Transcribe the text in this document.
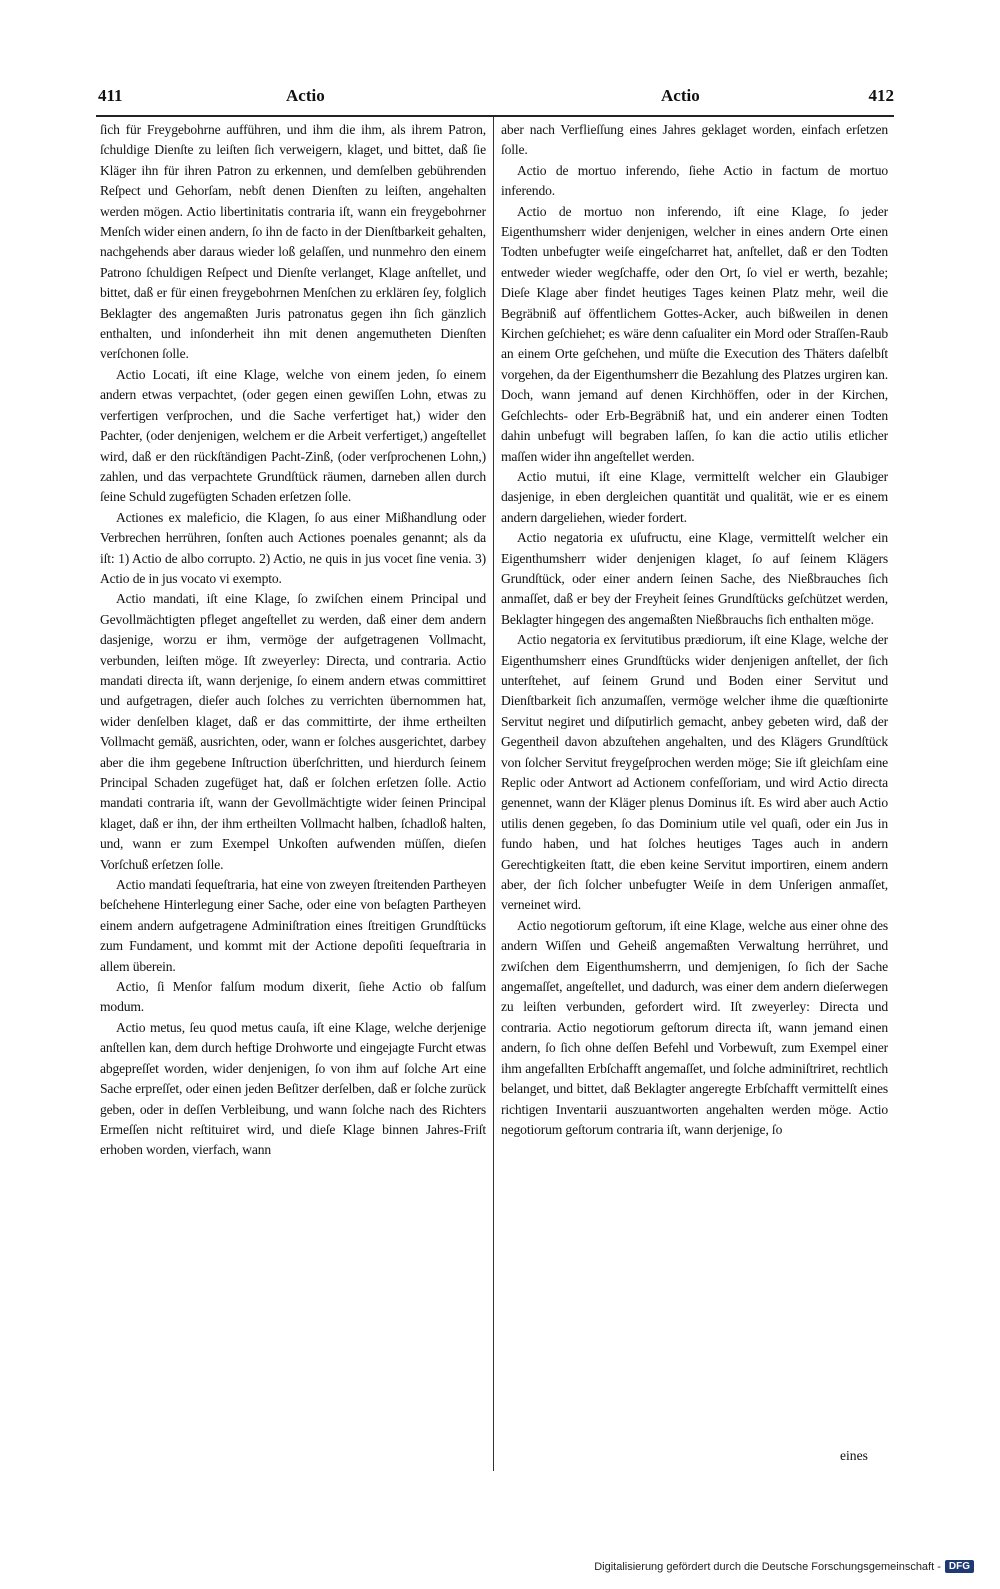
411	Actio	Actio	412

ſich für Freygebohrne aufführen, und ihm die ihm, als ihrem Patron, ſchuldige Dienſte zu leiſten ſich verweigern, klaget, und bittet, daß ſie Kläger ihn für ihren Patron zu erkennen, und demſelben gebührenden Reſpect und Gehorſam, nebſt denen Dienſten zu leiſten, angehalten werden mögen. Actio libertinitatis contraria iſt, wann ein freygebohrner Menſch wider einen andern, ſo ihn de facto in der Dienſtbarkeit gehalten, nachgehends aber daraus wieder loß gelaſſen, und nunmehro den einem Patrono ſchuldigen Reſpect und Dienſte verlanget, Klage anſtellet, und bittet, daß er für einen freygebohrnen Menſchen zu erklären ſey, folglich Beklagter des angemaßten Juris patronatus gegen ihn ſich gänzlich enthalten, und inſonderheit ihn mit denen angemutheten Dienſten verſchonen ſolle.

Actio Locati, iſt eine Klage, welche von einem jeden, ſo einem andern etwas verpachtet, (oder gegen einen gewiſſen Lohn, etwas zu verfertigen verſprochen, und die Sache verfertiget hat,) wider den Pachter, (oder denjenigen, welchem er die Arbeit verfertiget,) angeſtellet wird, daß er den rückſtändigen Pacht-Zinß, (oder verſprochenen Lohn,) zahlen, und das verpachtete Grundſtück räumen, darneben allen durch ſeine Schuld zugefügten Schaden erſetzen ſolle.

Actiones ex maleficio, die Klagen, ſo aus einer Mißhandlung oder Verbrechen herrühren, ſonſten auch Actiones poenales genannt; als da iſt: 1) Actio de albo corrupto. 2) Actio, ne quis in jus vocet ſine venia. 3) Actio de in jus vocato vi exempto.

Actio mandati, iſt eine Klage, ſo zwiſchen einem Principal und Gevollmächtigten pfleget angeſtellet zu werden, daß einer dem andern dasjenige, worzu er ihm, vermöge der aufgetragenen Vollmacht, verbunden, leiſten möge. Iſt zweyerley: Directa, und contraria. Actio mandati directa iſt, wann derjenige, ſo einem andern etwas committiret und aufgetragen, dieſer auch ſolches zu verrichten übernommen hat, wider denſelben klaget, daß er das committirte, der ihme ertheilten Vollmacht gemäß, ausrichten, oder, wann er ſolches ausgerichtet, darbey aber die ihm gegebene Inſtruction überſchritten, und hierdurch ſeinem Principal Schaden zugefüget hat, daß er ſolchen erſetzen ſolle. Actio mandati contraria iſt, wann der Gevollmächtigte wider ſeinen Principal klaget, daß er ihn, der ihm ertheilten Vollmacht halben, ſchadloß halten, und, wann er zum Exempel Unkoſten aufwenden müſſen, dieſen Vorſchuß erſetzen ſolle.

Actio mandati ſequeſtraria, hat eine von zweyen ſtreitenden Partheyen beſchehene Hinterlegung einer Sache, oder eine von beſagten Partheyen einem andern aufgetragene Adminiſtration eines ſtreitigen Grundſtücks zum Fundament, und kommt mit der Actione depoſiti ſequeſtraria in allem überein.

Actio, ſi Menſor falſum modum dixerit, ſiehe Actio ob falſum modum.

Actio metus, ſeu quod metus cauſa, iſt eine Klage, welche derjenige anſtellen kan, dem durch heftige Drohworte und eingejagte Furcht etwas abgepreſſet worden, wider denjenigen, ſo von ihm auf ſolche Art eine Sache erpreſſet, oder einen jeden Beſitzer derſelben, daß er ſolche zurück geben, oder in deſſen Verbleibung, und wann ſolche nach des Richters Ermeſſen nicht reſtituiret wird, und dieſe Klage binnen Jahres-Friſt erhoben worden, vierfach, wann

aber nach Verflieſſung eines Jahres geklaget worden, einfach erſetzen ſolle.

Actio de mortuo inferendo, ſiehe Actio in factum de mortuo inferendo.

Actio de mortuo non inferendo, iſt eine Klage, ſo jeder Eigenthumsherr wider denjenigen, welcher in eines andern Orte einen Todten unbefugter weiſe eingeſcharret hat, anſtellet, daß er den Todten entweder wieder wegſchaffe, oder den Ort, ſo viel er werth, bezahle; Dieſe Klage aber findet heutiges Tages keinen Platz mehr, weil die Begräbniß auf öffentlichem Gottes-Acker, auch bißweilen in denen Kirchen geſchiehet; es wäre denn caſualiter ein Mord oder Straſſen-Raub an einem Orte geſchehen, und müſte die Execution des Thäters daſelbſt vorgehen, da der Eigenthumsherr die Bezahlung des Platzes urgiren kan. Doch, wann jemand auf denen Kirchhöffen, oder in der Kirchen, Geſchlechts- oder Erb-Begräbniß hat, und ein anderer einen Todten dahin unbefugt will begraben laſſen, ſo kan die actio utilis etlicher maſſen wider ihn angeſtellet werden.

Actio mutui, iſt eine Klage, vermittelſt welcher ein Glaubiger dasjenige, in eben dergleichen quantität und qualität, wie er es einem andern dargeliehen, wieder fordert.

Actio negatoria ex uſufructu, eine Klage, vermittelſt welcher ein Eigenthumsherr wider denjenigen klaget, ſo auf ſeinem Klägers Grundſtück, oder einer andern ſeinen Sache, des Nießbrauches ſich anmaſſet, daß er bey der Freyheit ſeines Grundſtücks geſchützet werden, Beklagter hingegen des angemaßten Nießbrauchs ſich enthalten möge.

Actio negatoria ex ſervitutibus prædiorum, iſt eine Klage, welche der Eigenthumsherr eines Grundſtücks wider denjenigen anſtellet, der ſich unterſtehet, auf ſeinem Grund und Boden einer Servitut und Dienſtbarkeit ſich anzumaſſen, vermöge welcher ihme die quæſtionirte Servitut negiret und diſputirlich gemacht, anbey gebeten wird, daß der Gegentheil davon abzuſtehen angehalten, und des Klägers Grundſtück von ſolcher Servitut freygeſprochen werden möge; Sie iſt gleichſam eine Replic oder Antwort ad Actionem confeſſoriam, und wird Actio directa genennet, wann der Kläger plenus Dominus iſt. Es wird aber auch Actio utilis denen gegeben, ſo das Dominium utile vel quaſi, oder ein Jus in fundo haben, und hat ſolches heutiges Tages auch in andern Gerechtigkeiten ſtatt, die eben keine Servitut importiren, einem andern aber, der ſich ſolcher unbefugter Weiſe in dem Unſerigen anmaſſet, verneinet wird.

Actio negotiorum geſtorum, iſt eine Klage, welche aus einer ohne des andern Wiſſen und Geheiß angemaßten Verwaltung herrühret, und zwiſchen dem Eigenthumsherrn, und demjenigen, ſo ſich der Sache angemaſſet, angeſtellet, und dadurch, was einer dem andern dieſerwegen zu leiſten verbunden, gefordert wird. Iſt zweyerley: Directa und contraria. Actio negotiorum geſtorum directa iſt, wann jemand einen andern, ſo ſich ohne deſſen Befehl und Vorbewuſt, zum Exempel einer ihm angefallten Erbſchafft angemaſſet, und ſolche adminiſtriret, rechtlich belanget, und bittet, daß Beklagter angeregte Erbſchafft vermittelſt eines richtigen Inventarii auszuantworten angehalten werden möge. Actio negotiorum geſtorum contraria iſt, wann derjenige, ſo

eines
Digitalisierung gefördert durch die Deutsche Forschungsgemeinschaft - DFG
